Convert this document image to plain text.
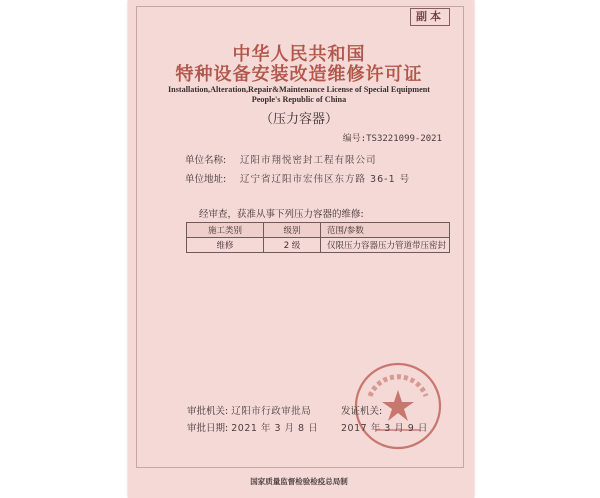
副本
中华人民共和国
特种设备安装改造维修许可证
Installation,Alteration,Repair&Maintenance License of Special Equipment
People's Republic of China
（压力容器）
编号:TS3221099-2021
单位名称: 辽阳市翔悦密封工程有限公司
单位地址: 辽宁省辽阳市宏伟区东方路 36-1 号
经审查，获准从事下列压力容器的维修:
施工类别	级别	范围/参数
维修	2 级	仅限压力容器压力管道带压密封
审批机关: 辽阳市行政审批局
审批日期: 2021 年 3 月 8 日
发证机关:
2017 年 3 月 9 日
国家质量监督检验检疫总局制
